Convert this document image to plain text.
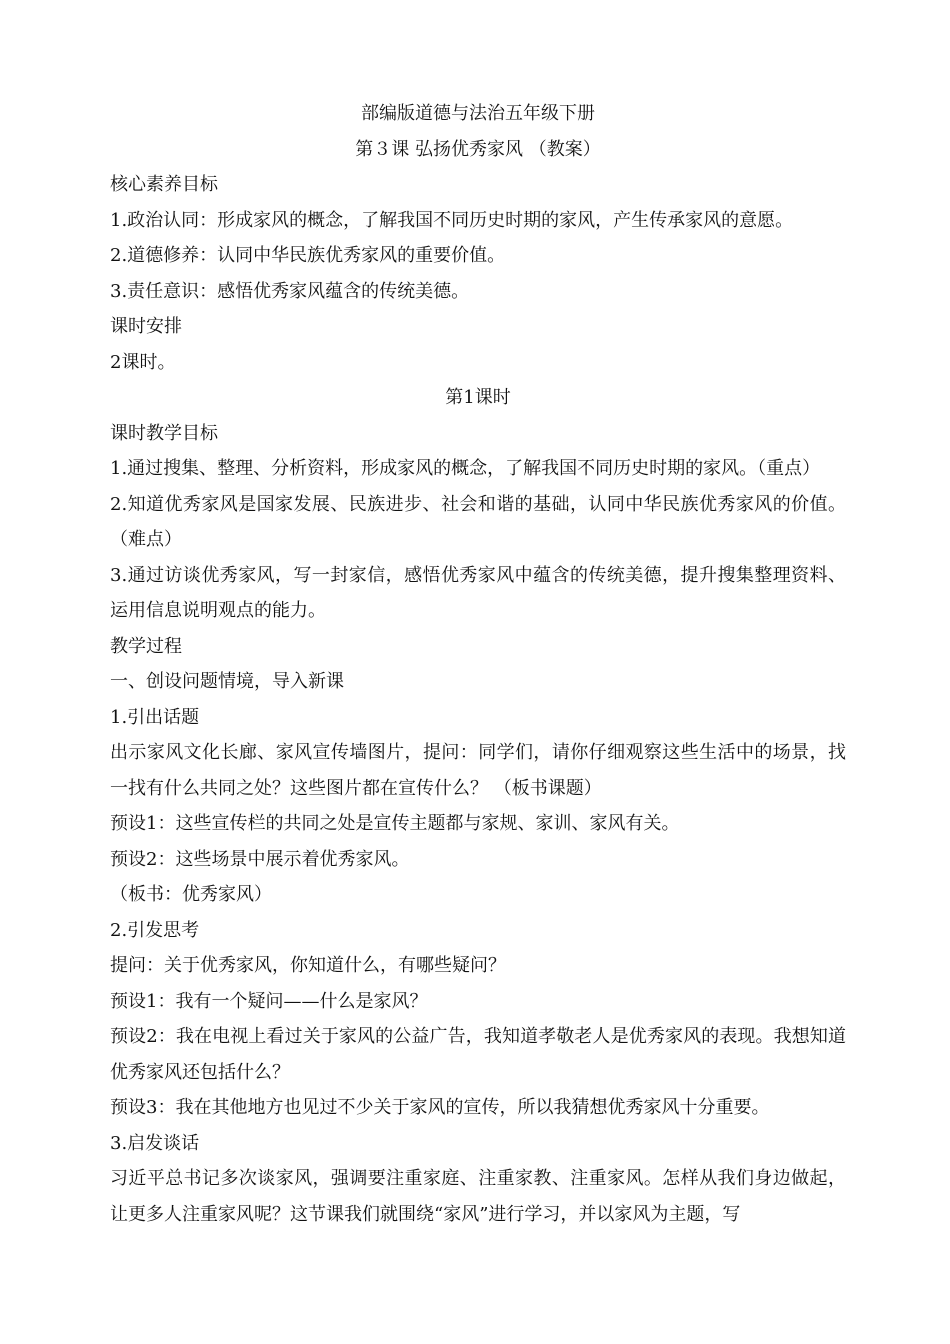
部编版道德与法治五年级下册
第３课 弘扬优秀家风 （教案）
核心素养目标
1.政治认同：形成家风的概念，了解我国不同历史时期的家风，产生传承家风的意愿。
2.道德修养：认同中华民族优秀家风的重要价值。
3.责任意识：感悟优秀家风蕴含的传统美德。
课时安排
2课时。
第1课时
课时教学目标
1.通过搜集、整理、分析资料，形成家风的概念，了解我国不同历史时期的家风。（重点）
2.知道优秀家风是国家发展、民族进步、社会和谐的基础，认同中华民族优秀家风的价值。（难点）
3.通过访谈优秀家风，写一封家信，感悟优秀家风中蕴含的传统美德，提升搜集整理资料、运用信息说明观点的能力。
教学过程
一、创设问题情境，导入新课
1.引出话题
出示家风文化长廊、家风宣传墙图片，提问：同学们，请你仔细观察这些生活中的场景，找一找有什么共同之处？这些图片都在宣传什么？ （板书课题）
预设1：这些宣传栏的共同之处是宣传主题都与家规、家训、家风有关。
预设2：这些场景中展示着优秀家风。
（板书：优秀家风）
2.引发思考
提问：关于优秀家风，你知道什么，有哪些疑问？
预设1：我有一个疑问——什么是家风？
预设2：我在电视上看过关于家风的公益广告，我知道孝敬老人是优秀家风的表现。我想知道优秀家风还包括什么？
预设3：我在其他地方也见过不少关于家风的宣传，所以我猜想优秀家风十分重要。
3.启发谈话
习近平总书记多次谈家风，强调要注重家庭、注重家教、注重家风。怎样从我们身边做起，让更多人注重家风呢？这节课我们就围绕“家风”进行学习，并以家风为主题，写
